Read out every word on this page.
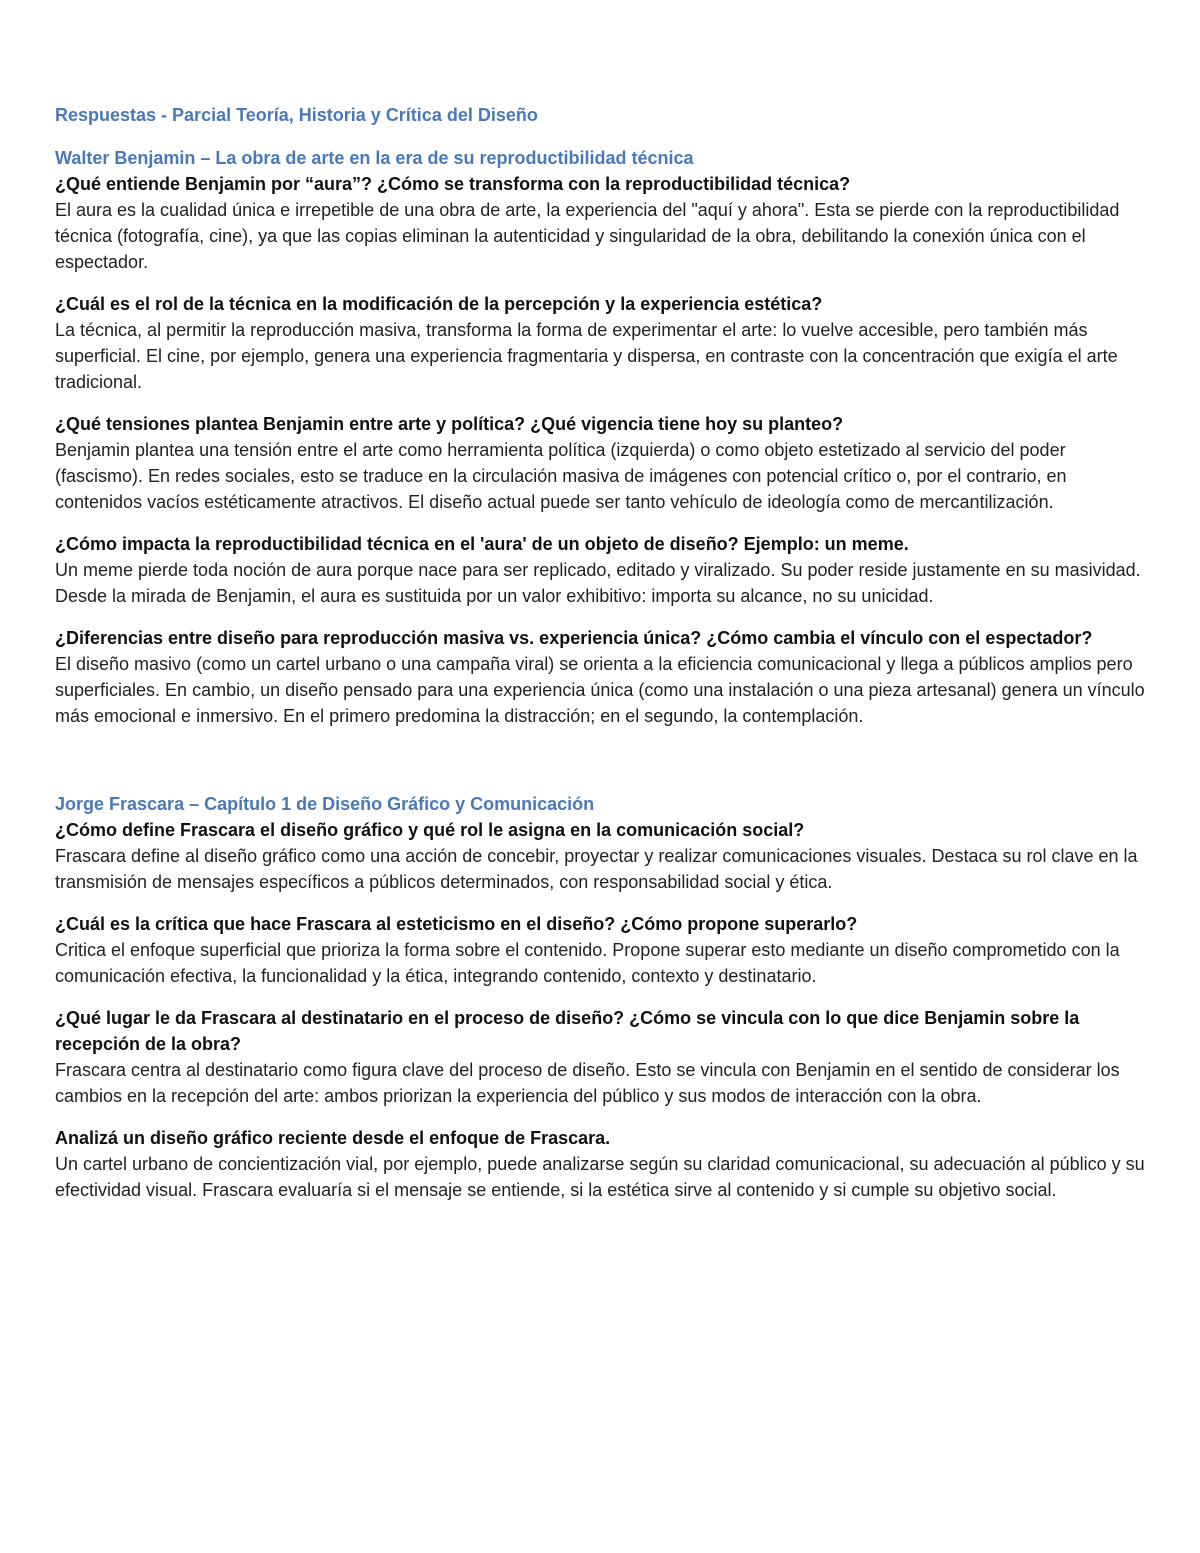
Respuestas - Parcial Teoría, Historia y Crítica del Diseño
Walter Benjamin – La obra de arte en la era de su reproductibilidad técnica

¿Qué entiende Benjamin por “aura”? ¿Cómo se transforma con la reproductibilidad técnica?

El aura es la cualidad única e irrepetible de una obra de arte, la experiencia del "aquí y ahora". Esta se pierde con la reproductibilidad técnica (fotografía, cine), ya que las copias eliminan la autenticidad y singularidad de la obra, debilitando la conexión única con el espectador.

¿Cuál es el rol de la técnica en la modificación de la percepción y la experiencia estética?

La técnica, al permitir la reproducción masiva, transforma la forma de experimentar el arte: lo vuelve accesible, pero también más superficial. El cine, por ejemplo, genera una experiencia fragmentaria y dispersa, en contraste con la concentración que exigía el arte tradicional.

¿Qué tensiones plantea Benjamin entre arte y política? ¿Qué vigencia tiene hoy su planteo?

Benjamin plantea una tensión entre el arte como herramienta política (izquierda) o como objeto estetizado al servicio del poder (fascismo). En redes sociales, esto se traduce en la circulación masiva de imágenes con potencial crítico o, por el contrario, en contenidos vacíos estéticamente atractivos. El diseño actual puede ser tanto vehículo de ideología como de mercantilización.

¿Cómo impacta la reproductibilidad técnica en el 'aura' de un objeto de diseño? Ejemplo: un meme.

Un meme pierde toda noción de aura porque nace para ser replicado, editado y viralizado. Su poder reside justamente en su masividad. Desde la mirada de Benjamin, el aura es sustituida por un valor exhibitivo: importa su alcance, no su unicidad.

¿Diferencias entre diseño para reproducción masiva vs. experiencia única? ¿Cómo cambia el vínculo con el espectador?

El diseño masivo (como un cartel urbano o una campaña viral) se orienta a la eficiencia comunicacional y llega a públicos amplios pero superficiales. En cambio, un diseño pensado para una experiencia única (como una instalación o una pieza artesanal) genera un vínculo más emocional e inmersivo. En el primero predomina la distracción; en el segundo, la contemplación.

Jorge Frascara – Capítulo 1 de Diseño Gráfico y Comunicación

¿Cómo define Frascara el diseño gráfico y qué rol le asigna en la comunicación social?

Frascara define al diseño gráfico como una acción de concebir, proyectar y realizar comunicaciones visuales. Destaca su rol clave en la transmisión de mensajes específicos a públicos determinados, con responsabilidad social y ética.

¿Cuál es la crítica que hace Frascara al esteticismo en el diseño? ¿Cómo propone superarlo?

Critica el enfoque superficial que prioriza la forma sobre el contenido. Propone superar esto mediante un diseño comprometido con la comunicación efectiva, la funcionalidad y la ética, integrando contenido, contexto y destinatario.

¿Qué lugar le da Frascara al destinatario en el proceso de diseño? ¿Cómo se vincula con lo que dice Benjamin sobre la recepción de la obra?

Frascara centra al destinatario como figura clave del proceso de diseño. Esto se vincula con Benjamin en el sentido de considerar los cambios en la recepción del arte: ambos priorizan la experiencia del público y sus modos de interacción con la obra.

Analizá un diseño gráfico reciente desde el enfoque de Frascara.

Un cartel urbano de concientización vial, por ejemplo, puede analizarse según su claridad comunicacional, su adecuación al público y su efectividad visual. Frascara evaluaría si el mensaje se entiende, si la estética sirve al contenido y si cumple su objetivo social.
